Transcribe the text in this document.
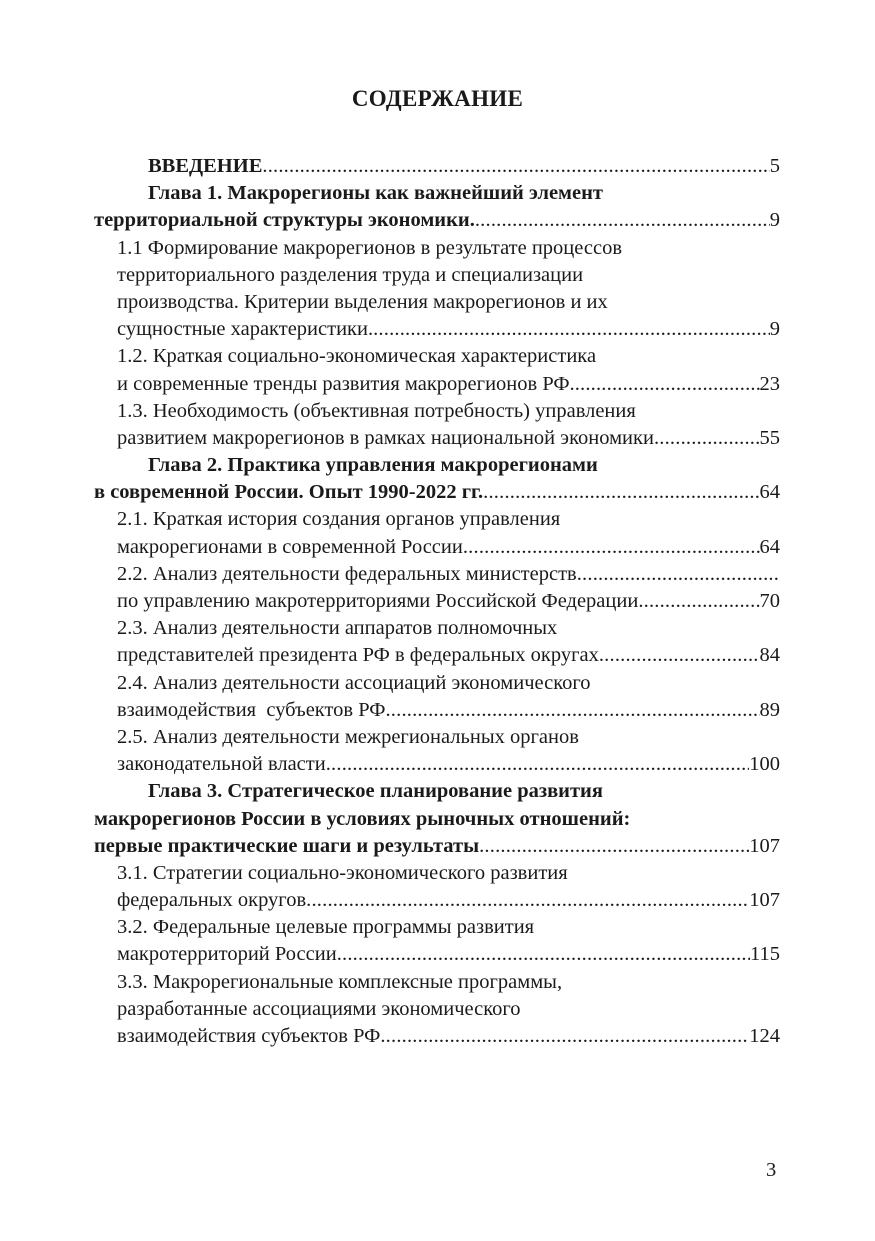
СОДЕРЖАНИЕ
ВВЕДЕНИЕ .....	5
Глава 1. Макрорегионы как важнейший элемент
территориальной структуры экономики. .....	9
1.1 Формирование макрорегионов в результате процессов
территориального разделения труда и специализации
производства. Критерии выделения макрорегионов и их
сущностные характеристики. .....	9
1.2. Краткая социально-экономическая характеристика
и современные тренды развития макрорегионов РФ. .....	23
1.3. Необходимость (объективная потребность) управления
развитием макрорегионов в рамках национальной экономики .....	55
Глава 2. Практика управления макрорегионами
в современной России. Опыт 1990-2022 гг. .....	64
2.1. Краткая история создания органов управления
макрорегионами в современной России .....	64
2.2. Анализ деятельности федеральных министерств
.....
по управлению макротерриториями Российской Федерации .....	70
2.3. Анализ деятельности аппаратов полномочных
представителей президента РФ в федеральных округах .....	84
2.4. Анализ деятельности ассоциаций экономического
взаимодействия  субъектов РФ .....	89
2.5. Анализ деятельности межрегиональных органов
законодательной власти .....	100
Глава 3. Стратегическое планирование развития
макрорегионов России в условиях рыночных отношений:
первые практические шаги и результаты .....	107
3.1. Стратегии социально-экономического развития
федеральных округов .....	107
3.2. Федеральные целевые программы развития
макротерриторий России .....	115
3.3. Макрорегиональные комплексные программы,
разработанные ассоциациями экономического
взаимодействия субъектов РФ .....	124
3
